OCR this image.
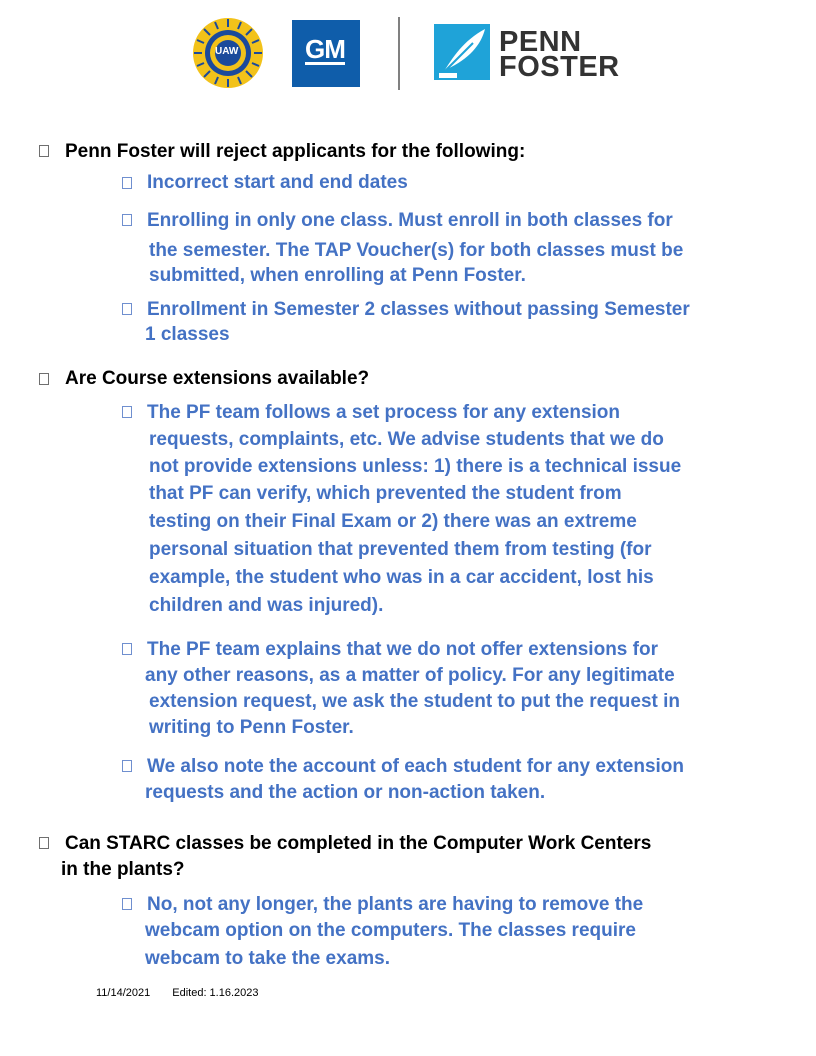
UAW	GM	PENN
FOSTER
Penn Foster will reject applicants for the following:
Incorrect start and end dates
Enrolling in only one class. Must enroll in both classes for
the semester. The TAP Voucher(s) for both classes must be
submitted, when enrolling at Penn Foster.
Enrollment in Semester 2 classes without passing Semester
1 classes
Are Course extensions available?
The PF team follows a set process for any extension
requests, complaints, etc. We advise students that we do
not provide extensions unless: 1) there is a technical issue
that PF can verify, which prevented the student from
testing on their Final Exam or 2) there was an extreme
personal situation that prevented them from testing (for
example, the student who was in a car accident, lost his
children and was injured).
The PF team explains that we do not offer extensions for
any other reasons, as a matter of policy. For any legitimate
extension request, we ask the student to put the request in
writing to Penn Foster.
We also note the account of each student for any extension
requests and the action or non-action taken.
Can STARC classes be completed in the Computer Work Centers
in the plants?
No, not any longer, the plants are having to remove the
webcam option on the computers. The classes require
webcam to take the exams.
11/14/2021 Edited: 1.16.2023
